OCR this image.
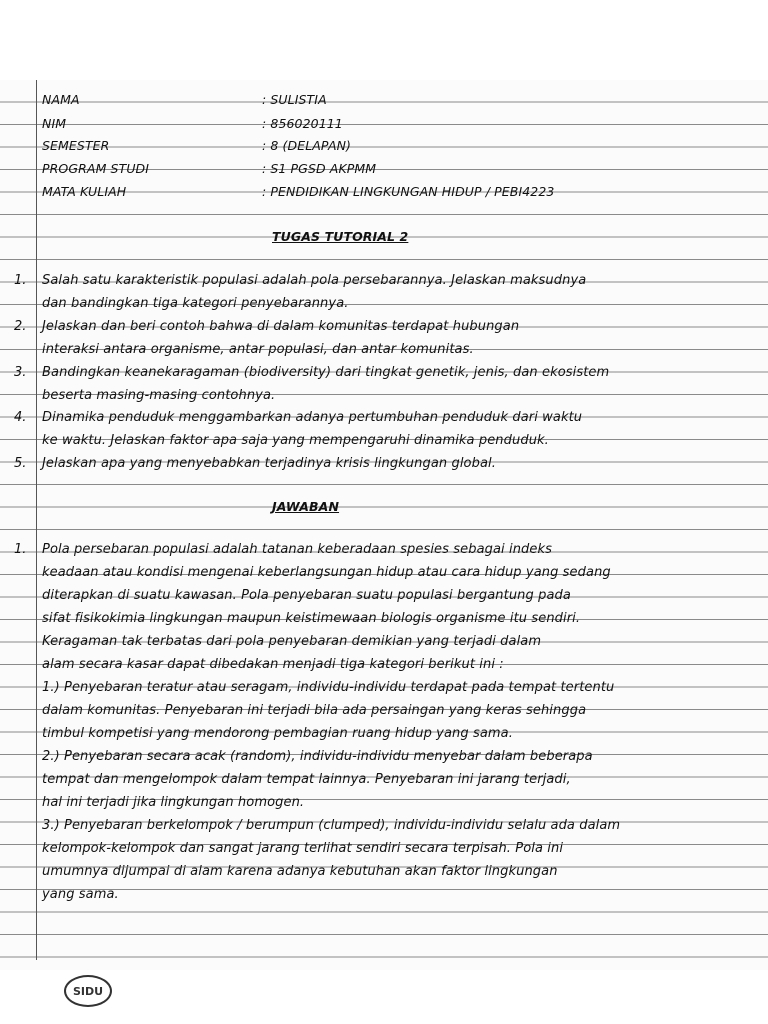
NAMA	: SULISTIA
NIM	: 856020111
SEMESTER	: 8 (DELAPAN)
PROGRAM STUDI	: S1 PGSD AKPMM
MATA KULIAH	: PENDIDIKAN LINGKUNGAN HIDUP / PEBI4223
TUGAS TUTORIAL 2
1. Salah satu karakteristik populasi adalah pola persebarannya. Jelaskan maksudnya
dan bandingkan tiga kategori penyebarannya.
2. Jelaskan dan beri contoh bahwa di dalam komunitas terdapat hubungan
interaksi antara organisme, antar populasi, dan antar komunitas.
3. Bandingkan keanekaragaman (biodiversity) dari tingkat genetik, jenis, dan ekosistem
beserta masing-masing contohnya.
4. Dinamika penduduk menggambarkan adanya pertumbuhan penduduk dari waktu
ke waktu. Jelaskan faktor apa saja yang mempengaruhi dinamika penduduk.
5. Jelaskan apa yang menyebabkan terjadinya krisis lingkungan global.
JAWABAN
1. Pola persebaran populasi adalah tatanan keberadaan spesies sebagai indeks
keadaan atau kondisi mengenai keberlangsungan hidup atau cara hidup yang sedang
diterapkan di suatu kawasan. Pola penyebaran suatu populasi bergantung pada
sifat fisikokimia lingkungan maupun keistimewaan biologis organisme itu sendiri.
Keragaman tak terbatas dari pola penyebaran demikian yang terjadi dalam
alam secara kasar dapat dibedakan menjadi tiga kategori berikut ini :
1.) Penyebaran teratur atau seragam, individu-individu terdapat pada tempat tertentu
dalam komunitas. Penyebaran ini terjadi bila ada persaingan yang keras sehingga
timbul kompetisi yang mendorong pembagian ruang hidup yang sama.
2.) Penyebaran secara acak (random), individu-individu menyebar dalam beberapa
tempat dan mengelompok dalam tempat lainnya. Penyebaran ini jarang terjadi,
hal ini terjadi jika lingkungan homogen.
3.) Penyebaran berkelompok / berumpun (clumped), individu-individu selalu ada dalam
kelompok-kelompok dan sangat jarang terlihat sendiri secara terpisah. Pola ini
umumnya dijumpai di alam karena adanya kebutuhan akan faktor lingkungan
yang sama.
SIDU
